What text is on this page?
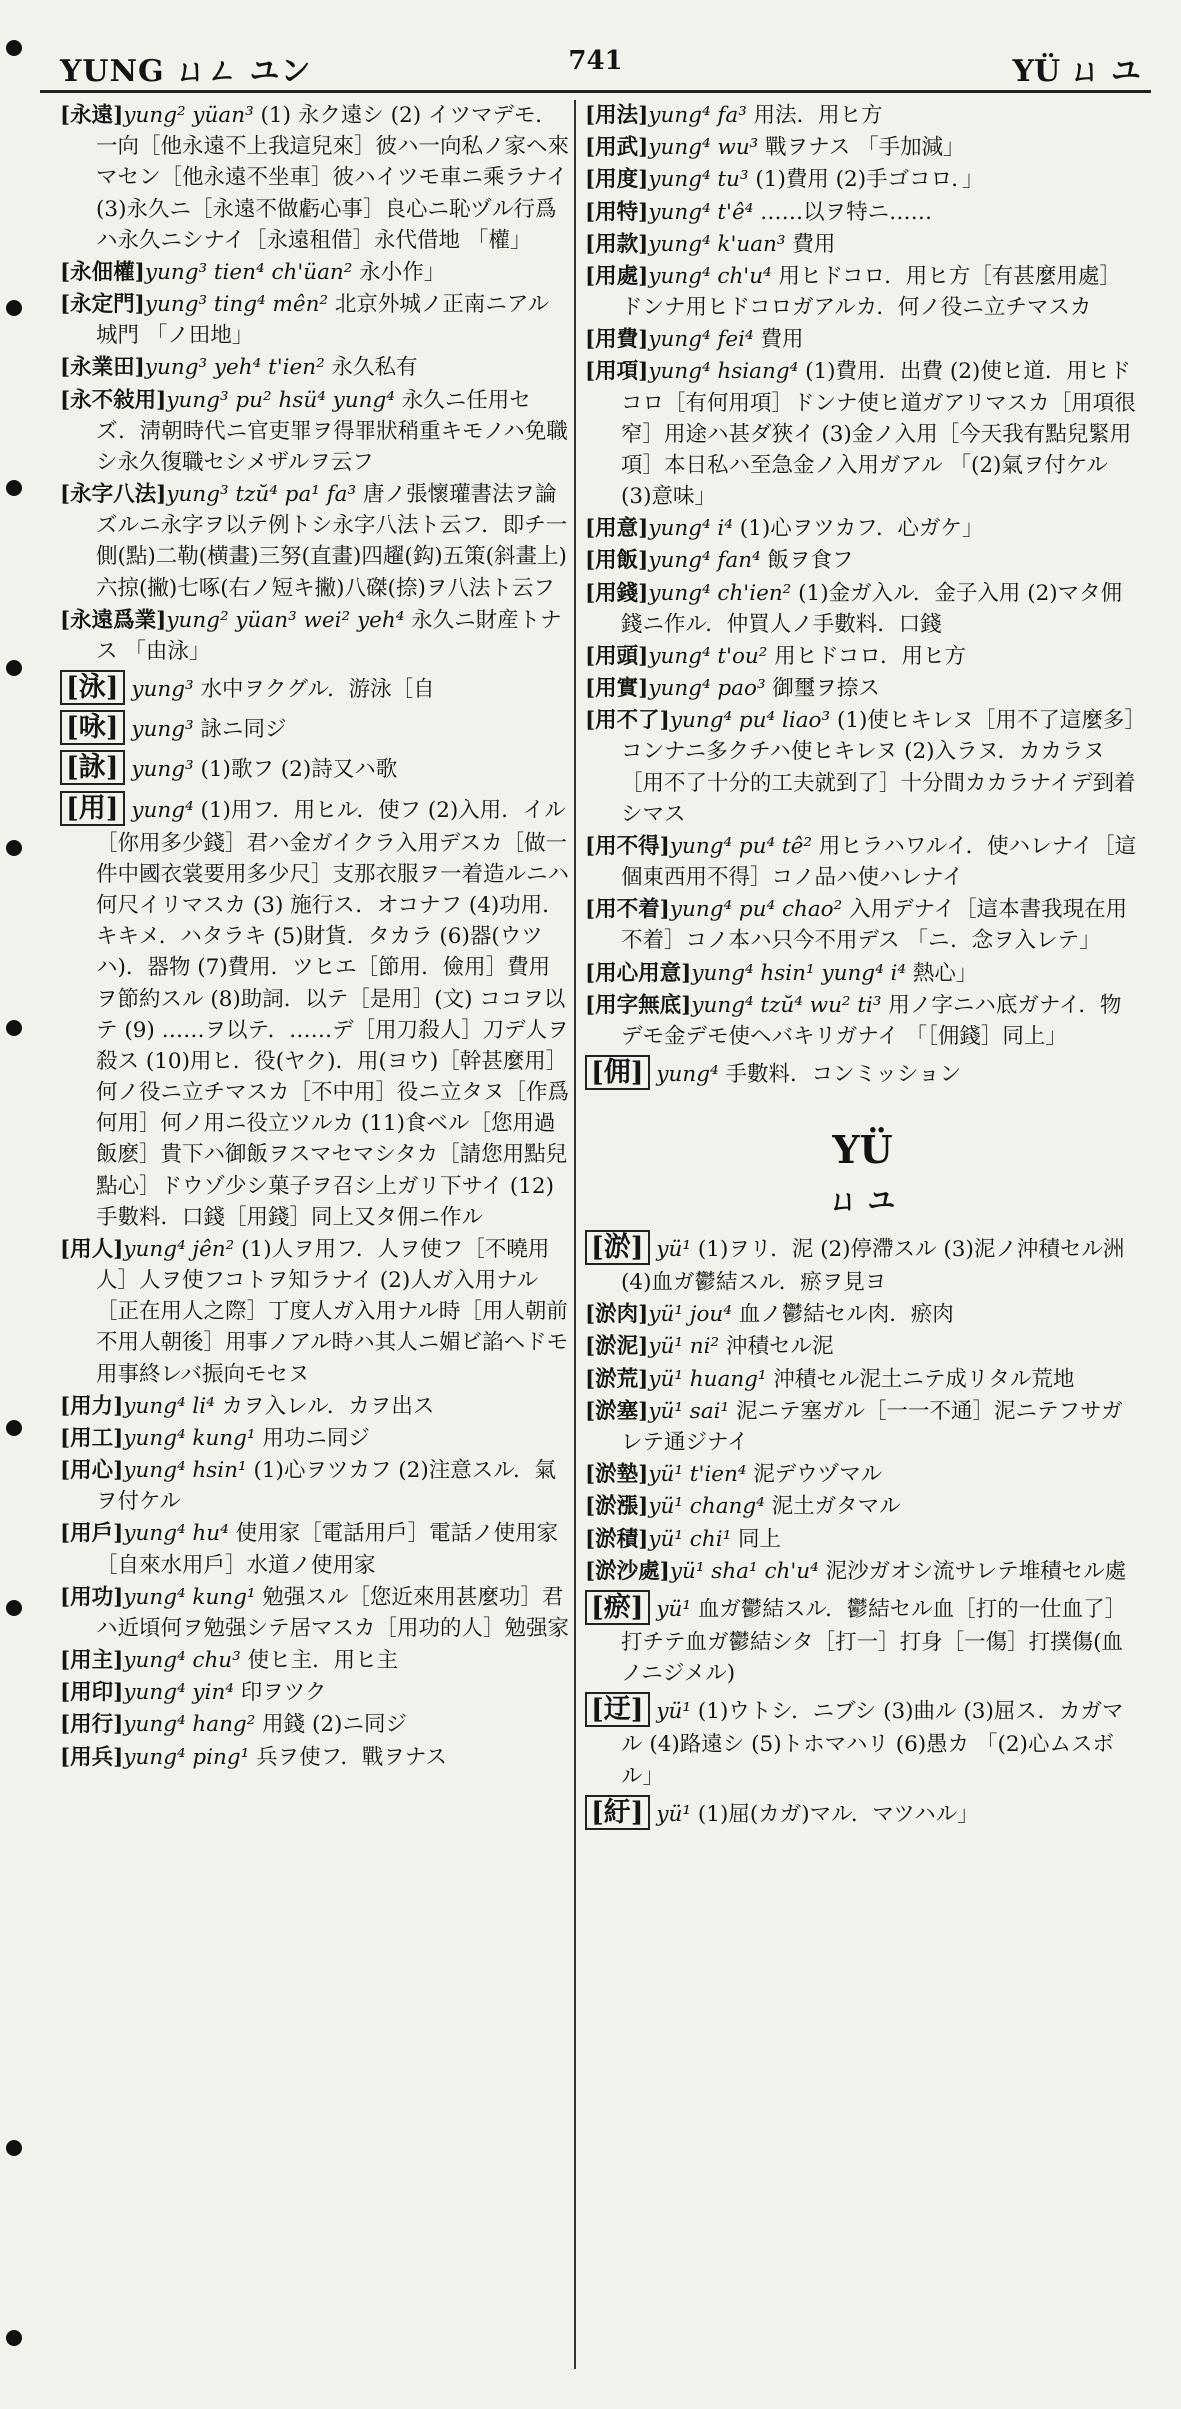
YUNG ㄩㄥ ユン	741	YÜ ㄩ ユ
[永遠]yung² yüan³ (1) 永ク遠シ (2) イツマデモ．一向［他永遠不上我這兒來］彼ハ一向私ノ家ヘ來マセン［他永遠不坐車］彼ハイツモ車ニ乘ラナイ (3)永久ニ［永遠不做虧心事］良心ニ恥ヅル行爲ハ永久ニシナイ［永遠租借］永代借地 「權」
[永佃權]yung³ tien⁴ ch'üan² 永小作」
[永定門]yung³ ting⁴ mên² 北京外城ノ正南ニアル城門 「ノ田地」
[永業田]yung³ yeh⁴ t'ien² 永久私有
[永不敍用]yung³ pu² hsü⁴ yung⁴ 永久ニ任用セズ．淸朝時代ニ官吏罪ヲ得罪狀稍重キモノハ免職シ永久復職セシメザルヲ云フ
[永字八法]yung³ tzŭ⁴ pa¹ fa³ 唐ノ張懷瓘書法ヲ論ズルニ永字ヲ以テ例トシ永字八法ト云フ．即チ一側(點)二勒(横畫)三努(直畫)四趯(鈎)五策(斜畫上)六掠(撇)七啄(右ノ短キ撇)八磔(捺)ヲ八法ト云フ
[永遠爲業]yung² yüan³ wei² yeh⁴ 永久ニ財産トナス 「由泳」
[泳] yung³ 水中ヲクグル．游泳［自
[咏] yung³ 詠ニ同ジ
[詠] yung³ (1)歌フ (2)詩又ハ歌
[用] yung⁴ (1)用フ．用ヒル．使フ (2)入用．イル［你用多少錢］君ハ金ガイクラ入用デスカ［做一件中國衣裳要用多少尺］支那衣服ヲ一着造ルニハ何尺イリマスカ (3) 施行ス．オコナフ (4)功用．キキメ．ハタラキ (5)財貨．タカラ (6)器(ウツハ)．器物 (7)費用．ツヒエ［節用．儉用］費用ヲ節約スル (8)助詞．以テ［是用］(文) ココヲ以テ (9) ……ヲ以テ．……デ［用刀殺人］刀デ人ヲ殺ス (10)用ヒ．役(ヤク)．用(ヨウ)［幹甚麼用］何ノ役ニ立チマスカ［不中用］役ニ立タヌ［作爲何用］何ノ用ニ役立ツルカ (11)食ベル［您用過飯麽］貴下ハ御飯ヲスマセマシタカ［請您用點兒點心］ドウゾ少シ菓子ヲ召シ上ガリ下サイ (12)手數料．口錢［用錢］同上又タ佣ニ作ル
[用人]yung⁴ jên² (1)人ヲ用フ．人ヲ使フ［不曉用人］人ヲ使フコトヲ知ラナイ (2)人ガ入用ナル［正在用人之際］丁度人ガ入用ナル時［用人朝前不用人朝後］用事ノアル時ハ其人ニ媚ビ諂ヘドモ用事終レバ振向モセヌ
[用力]yung⁴ li⁴ カヲ入レル．カヲ出ス
[用工]yung⁴ kung¹ 用功ニ同ジ
[用心]yung⁴ hsin¹ (1)心ヲツカフ (2)注意スル．氣ヲ付ケル
[用戶]yung⁴ hu⁴ 使用家［電話用戶］電話ノ使用家［自來水用戶］水道ノ使用家
[用功]yung⁴ kung¹ 勉强スル［您近來用甚麼功］君ハ近頃何ヲ勉强シテ居マスカ［用功的人］勉强家
[用主]yung⁴ chu³ 使ヒ主．用ヒ主
[用印]yung⁴ yin⁴ 印ヲツク
[用行]yung⁴ hang² 用錢 (2)ニ同ジ
[用兵]yung⁴ ping¹ 兵ヲ使フ．戰ヲナス
[用法]yung⁴ fa³ 用法．用ヒ方
[用武]yung⁴ wu³ 戰ヲナス 「手加減」
[用度]yung⁴ tu³ (1)費用 (2)手ゴコロ．」
[用特]yung⁴ t'ê⁴ ……以ヲ特ニ……
[用款]yung⁴ k'uan³ 費用
[用處]yung⁴ ch'u⁴ 用ヒドコロ．用ヒ方［有甚麼用處］ドンナ用ヒドコロガアルカ．何ノ役ニ立チマスカ
[用費]yung⁴ fei⁴ 費用
[用項]yung⁴ hsiang⁴ (1)費用．出費 (2)使ヒ道．用ヒドコロ［有何用項］ドンナ使ヒ道ガアリマスカ［用項很窄］用途ハ甚ダ狹イ (3)金ノ入用［今天我有點兒緊用項］本日私ハ至急金ノ入用ガアル 「(2)氣ヲ付ケル (3)意味」
[用意]yung⁴ i⁴ (1)心ヲツカフ．心ガケ」
[用飯]yung⁴ fan⁴ 飯ヲ食フ
[用錢]yung⁴ ch'ien² (1)金ガ入ル．金子入用 (2)マタ佣錢ニ作ル．仲買人ノ手數料．口錢
[用頭]yung⁴ t'ou² 用ヒドコロ．用ヒ方
[用實]yung⁴ pao³ 御璽ヲ捺ス
[用不了]yung⁴ pu⁴ liao³ (1)使ヒキレヌ［用不了這麼多］コンナニ多クチハ使ヒキレヌ (2)入ラヌ．カカラヌ［用不了十分的工夫就到了］十分間カカラナイデ到着シマス
[用不得]yung⁴ pu⁴ tê² 用ヒラハワルイ．使ハレナイ［這個東西用不得］コノ品ハ使ハレナイ
[用不着]yung⁴ pu⁴ chao² 入用デナイ［這本書我現在用不着］コノ本ハ只今不用デス 「ニ．念ヲ入レテ」
[用心用意]yung⁴ hsin¹ yung⁴ i⁴ 熱心」
[用字無底]yung⁴ tzŭ⁴ wu² ti³ 用ノ字ニハ底ガナイ．物デモ金デモ使ヘバキリガナイ 「［佣錢］同上」
[佣] yung⁴ 手數料．コンミッション
YÜ
ㄩ ユ
[淤] yü¹ (1)ヲリ．泥 (2)停滯スル (3)泥ノ沖積セル洲 (4)血ガ鬱結スル．瘀ヲ見ヨ
[淤肉]yü¹ jou⁴ 血ノ鬱結セル肉．瘀肉
[淤泥]yü¹ ni² 沖積セル泥
[淤荒]yü¹ huang¹ 沖積セル泥土ニテ成リタル荒地
[淤塞]yü¹ sai¹ 泥ニテ塞ガル［一一不通］泥ニテフサガレテ通ジナイ
[淤墊]yü¹ t'ien⁴ 泥デウヅマル
[淤漲]yü¹ chang⁴ 泥土ガタマル
[淤積]yü¹ chi¹ 同上
[淤沙處]yü¹ sha¹ ch'u⁴ 泥沙ガオシ流サレテ堆積セル處
[瘀] yü¹ 血ガ鬱結スル．鬱結セル血［打的一仕血了］打チテ血ガ鬱結シタ［打一］打身［一傷］打撲傷(血ノニジメル)
[迂] yü¹ (1)ウトシ．ニブシ (3)曲ル (3)屈ス．カガマル (4)路遠シ (5)トホマハリ (6)愚カ 「(2)心ムスボル」
[紆] yü¹ (1)屈(カガ)マル．マツハル」
